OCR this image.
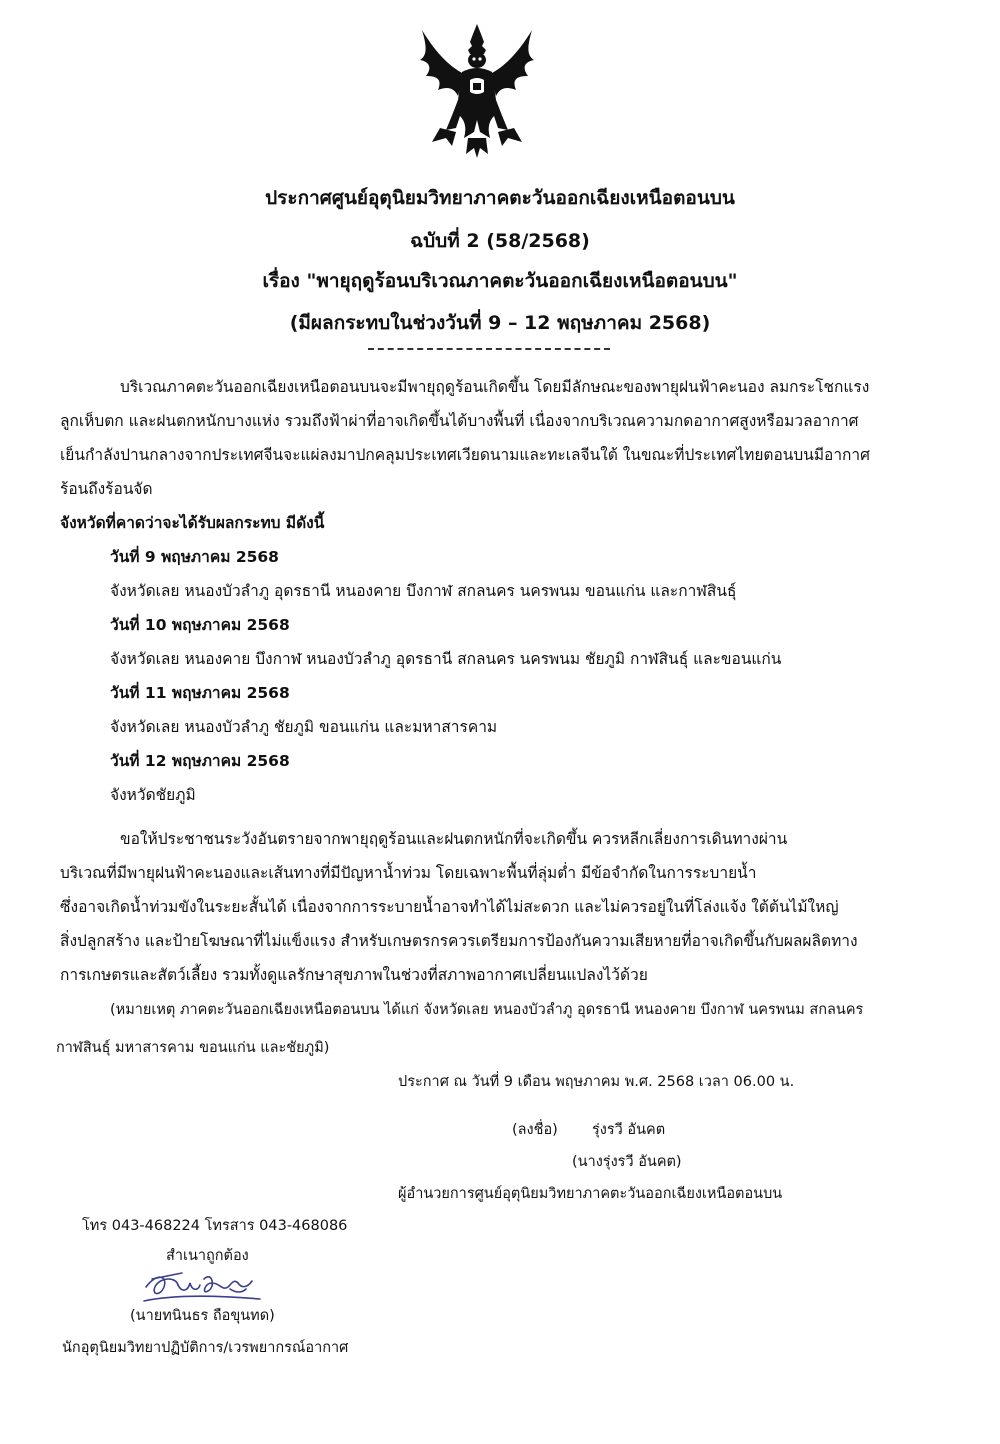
ประกาศศูนย์อุตุนิยมวิทยาภาคตะวันออกเฉียงเหนือตอนบน
ฉบับที่ 2 (58/2568)
เรื่อง "พายุฤดูร้อนบริเวณภาคตะวันออกเฉียงเหนือตอนบน"
(มีผลกระทบในช่วงวันที่ 9 – 12 พฤษภาคม 2568)
บริเวณภาคตะวันออกเฉียงเหนือตอนบนจะมีพายุฤดูร้อนเกิดขึ้น โดยมีลักษณะของพายุฝนฟ้าคะนอง ลมกระโชกแรง
ลูกเห็บตก และฝนตกหนักบางแห่ง รวมถึงฟ้าผ่าที่อาจเกิดขึ้นได้บางพื้นที่ เนื่องจากบริเวณความกดอากาศสูงหรือมวลอากาศ
เย็นกำลังปานกลางจากประเทศจีนจะแผ่ลงมาปกคลุมประเทศเวียดนามและทะเลจีนใต้ ในขณะที่ประเทศไทยตอนบนมีอากาศ
ร้อนถึงร้อนจัด
จังหวัดที่คาดว่าจะได้รับผลกระทบ มีดังนี้
วันที่ 9 พฤษภาคม 2568
จังหวัดเลย หนองบัวลำภู อุดรธานี หนองคาย บึงกาฬ สกลนคร นครพนม ขอนแก่น และกาฬสินธุ์
วันที่ 10 พฤษภาคม 2568
จังหวัดเลย หนองคาย บึงกาฬ หนองบัวลำภู อุดรธานี สกลนคร นครพนม ชัยภูมิ กาฬสินธุ์ และขอนแก่น
วันที่ 11 พฤษภาคม 2568
จังหวัดเลย หนองบัวลำภู ชัยภูมิ ขอนแก่น และมหาสารคาม
วันที่ 12 พฤษภาคม 2568
จังหวัดชัยภูมิ
ขอให้ประชาชนระวังอันตรายจากพายุฤดูร้อนและฝนตกหนักที่จะเกิดขึ้น ควรหลีกเลี่ยงการเดินทางผ่าน
บริเวณที่มีพายุฝนฟ้าคะนองและเส้นทางที่มีปัญหาน้ำท่วม โดยเฉพาะพื้นที่ลุ่มต่ำ มีข้อจำกัดในการระบายน้ำ
ซึ่งอาจเกิดน้ำท่วมขังในระยะสั้นได้ เนื่องจากการระบายน้ำอาจทำได้ไม่สะดวก และไม่ควรอยู่ในที่โล่งแจ้ง ใต้ต้นไม้ใหญ่
สิ่งปลูกสร้าง และป้ายโฆษณาที่ไม่แข็งแรง สำหรับเกษตรกรควรเตรียมการป้องกันความเสียหายที่อาจเกิดขึ้นกับผลผลิตทาง
การเกษตรและสัตว์เลี้ยง รวมทั้งดูแลรักษาสุขภาพในช่วงที่สภาพอากาศเปลี่ยนแปลงไว้ด้วย
(หมายเหตุ ภาคตะวันออกเฉียงเหนือตอนบน ได้แก่ จังหวัดเลย หนองบัวลำภู อุดรธานี หนองคาย บึงกาฬ นครพนม สกลนคร
กาฬสินธุ์ มหาสารคาม ขอนแก่น และชัยภูมิ)
ประกาศ ณ วันที่ 9 เดือน พฤษภาคม พ.ศ. 2568 เวลา 06.00 น.
(ลงชื่อ) รุ่งรวี อันคต
(นางรุ่งรวี อันคต)
ผู้อำนวยการศูนย์อุตุนิยมวิทยาภาคตะวันออกเฉียงเหนือตอนบน
โทร 043-468224 โทรสาร 043-468086
สำเนาถูกต้อง
(นายทนินธร ถือขุนทด)
นักอุตุนิยมวิทยาปฏิบัติการ/เวรพยากรณ์อากาศ
